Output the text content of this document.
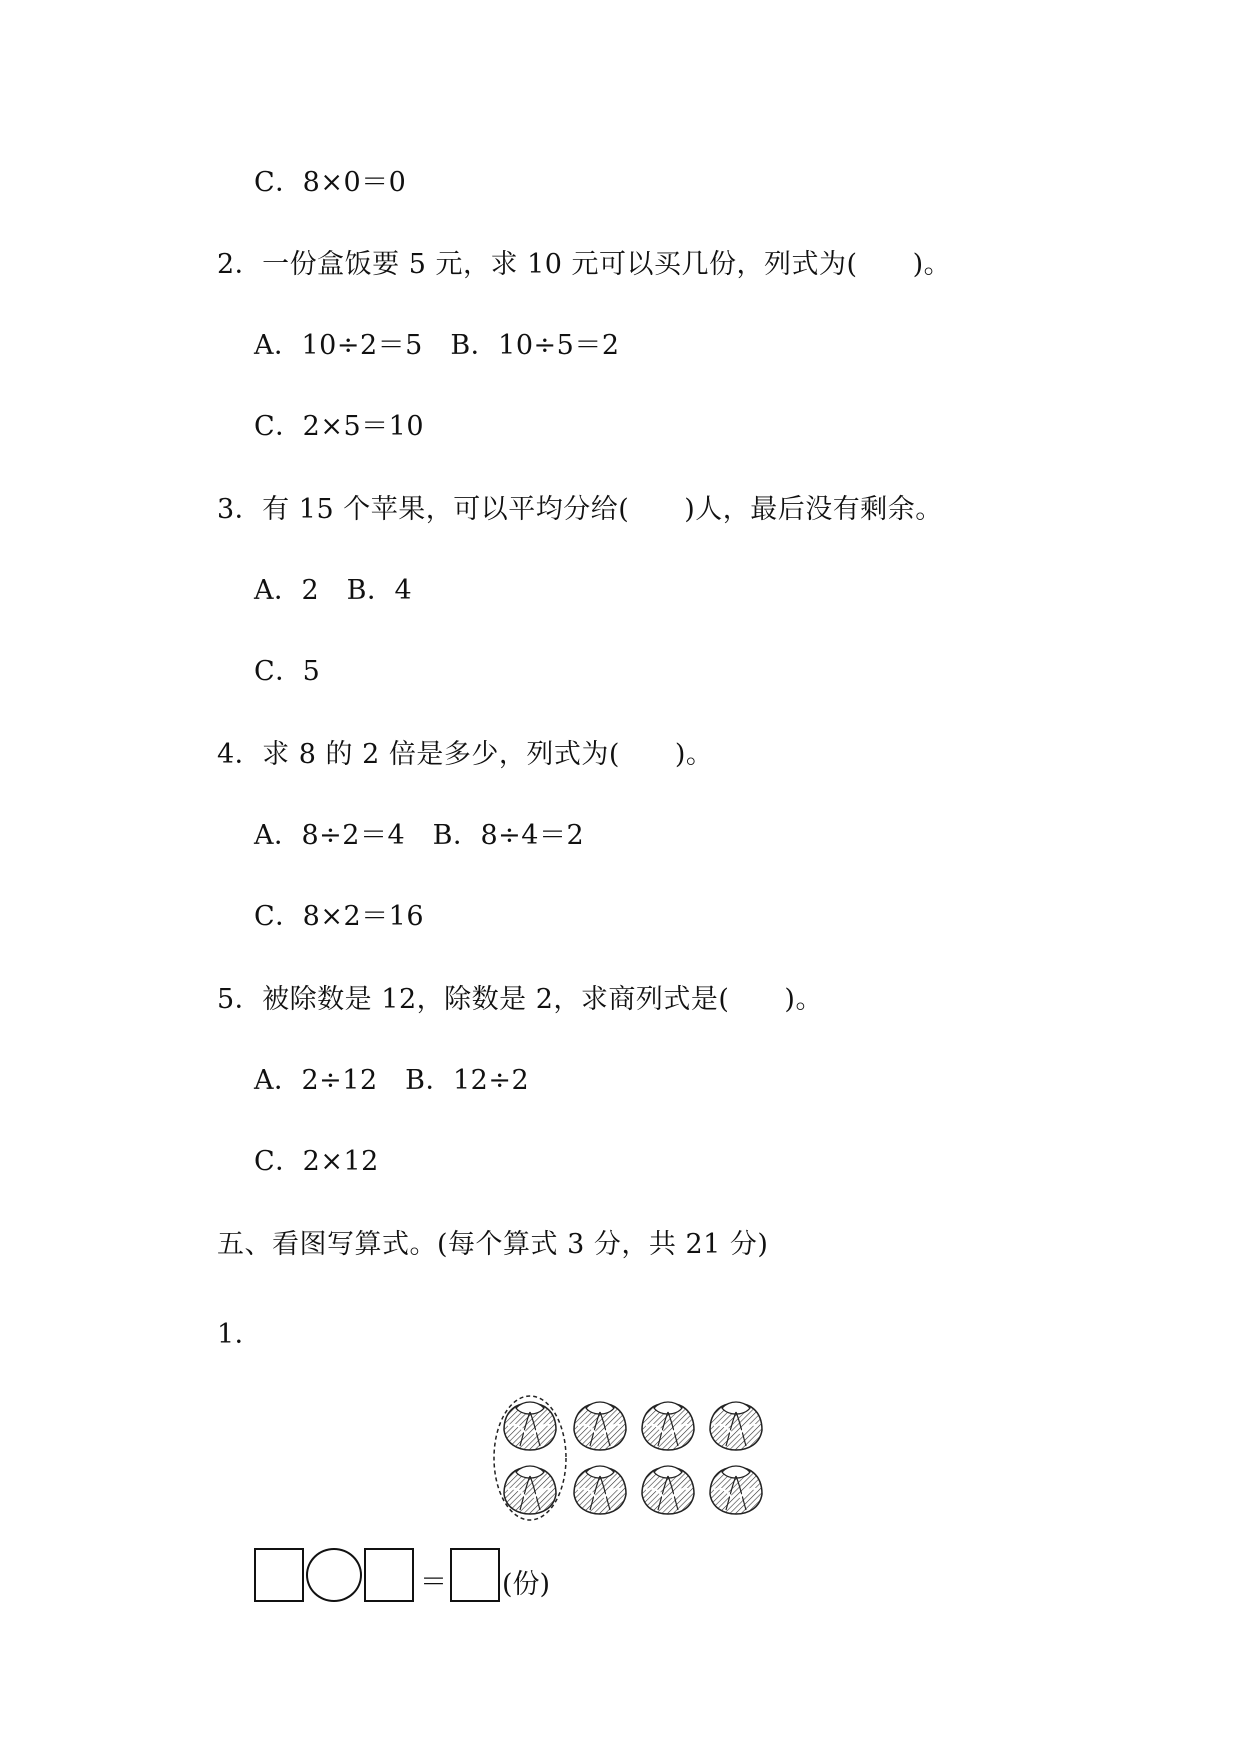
C．8×0＝0
2．一份盒饭要 5 元，求 10 元可以买几份，列式为(　　)。
A．10÷2＝5　B．10÷5＝2
C．2×5＝10
3．有 15 个苹果，可以平均分给(　　)人，最后没有剩余。
A．2　B．4
C．5
4．求 8 的 2 倍是多少，列式为(　　)。
A．8÷2＝4　B．8÷4＝2
C．8×2＝16
5．被除数是 12，除数是 2，求商列式是(　　)。
A．2÷12　B．12÷2
C．2×12
五、看图写算式。(每个算式 3 分，共 21 分)
1．
＝ (份)
